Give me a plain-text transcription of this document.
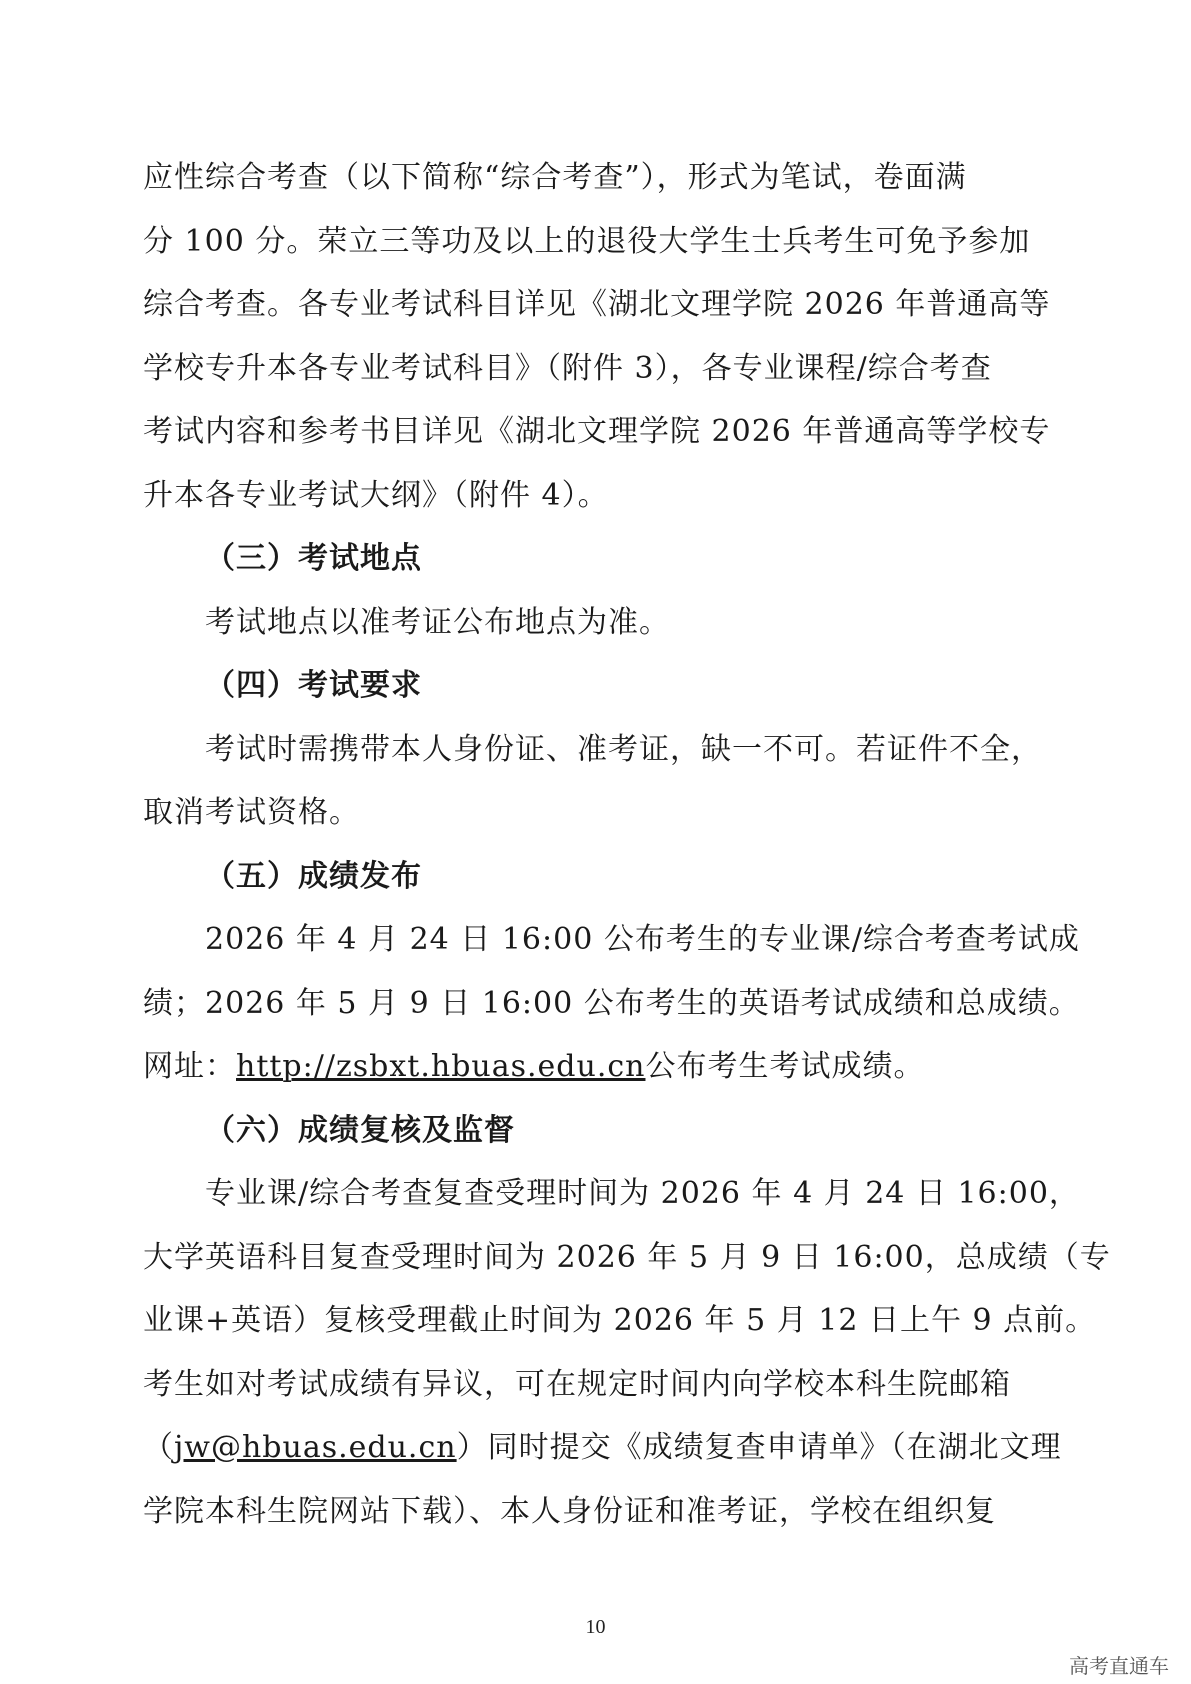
应性综合考查（以下简称“综合考查”），形式为笔试，卷面满
分 100 分。荣立三等功及以上的退役大学生士兵考生可免予参加
综合考查。各专业考试科目详见《湖北文理学院 2026 年普通高等
学校专升本各专业考试科目》（附件 3），各专业课程/综合考查
考试内容和参考书目详见《湖北文理学院 2026 年普通高等学校专
升本各专业考试大纲》（附件 4）。
（三）考试地点
考试地点以准考证公布地点为准。
（四）考试要求
考试时需携带本人身份证、准考证，缺一不可。若证件不全，
取消考试资格。
（五）成绩发布
2026 年 4 月 24 日 16:00 公布考生的专业课/综合考查考试成
绩；2026 年 5 月 9 日 16:00 公布考生的英语考试成绩和总成绩。
网址：http://zsbxt.hbuas.edu.cn公布考生考试成绩。
（六）成绩复核及监督
专业课/综合考查复查受理时间为 2026 年 4 月 24 日 16:00，
大学英语科目复查受理时间为 2026 年 5 月 9 日 16:00，总成绩（专
业课+英语）复核受理截止时间为 2026 年 5 月 12 日上午 9 点前。
考生如对考试成绩有异议，可在规定时间内向学校本科生院邮箱
（jw@hbuas.edu.cn）同时提交《成绩复查申请单》（在湖北文理
学院本科生院网站下载）、本人身份证和准考证，学校在组织复
10
高考直通车
